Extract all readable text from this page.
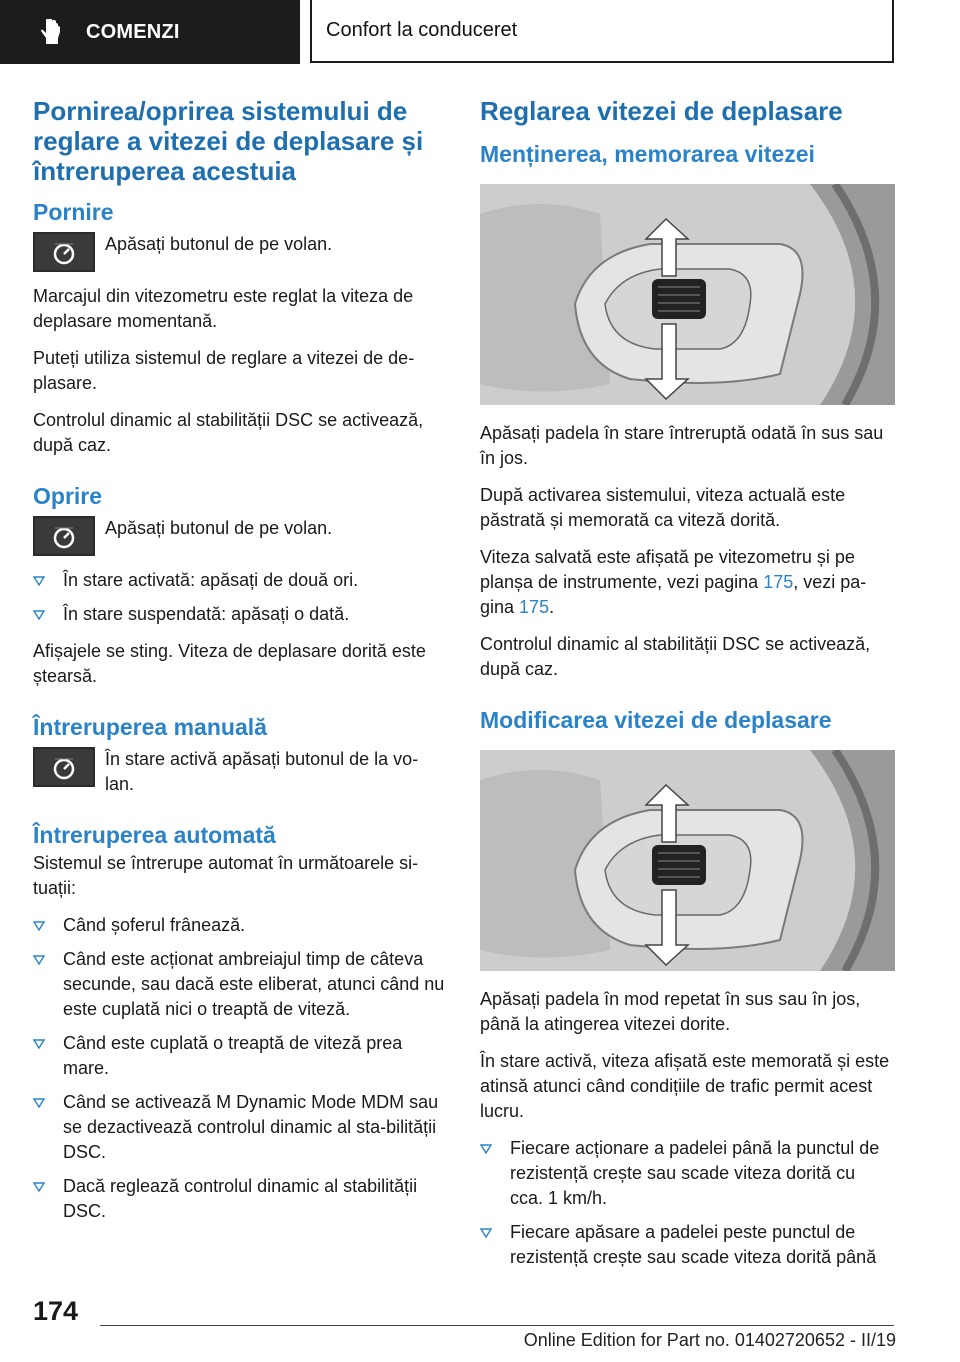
COMENZI	Confort la conduceret
Pornirea/oprirea sistemului de reglare a vitezei de deplasare și întreruperea acestuia
Pornire
Apăsați butonul de pe volan.

Marcajul din vitezometru este reglat la viteza de deplasare momentană.

Puteți utiliza sistemul de reglare a vitezei de de-plasare.

Controlul dinamic al stabilității DSC se activează, după caz.

Oprire
Apăsați butonul de pe volan.
În stare activată: apăsați de două ori.
În stare suspendată: apăsați o dată.

Afișajele se sting. Viteza de deplasare dorită este ștearsă.

Întreruperea manuală
În stare activă apăsați butonul de la vo-lan.
Întreruperea automată

Sistemul se întrerupe automat în următoarele si-tuații:

Când șoferul frânează.
Când este acționat ambreiajul timp de câteva secunde, sau dacă este eliberat, atunci când nu este cuplată nici o treaptă de viteză.
Când este cuplată o treaptă de viteză prea mare.
Când se activează M Dynamic Mode MDM sau se dezactivează controlul dinamic al sta-bilității DSC.
Dacă reglează controlul dinamic al stabilității DSC.
Reglarea vitezei de deplasare
Menținerea, memorarea vitezei

Apăsați padela în stare întreruptă odată în sus sau în jos.

După activarea sistemului, viteza actuală este păstrată și memorată ca viteză dorită.

Viteza salvată este afișată pe vitezometru și pe planșa de instrumente, vezi pagina 175, vezi pa-gina 175.

Controlul dinamic al stabilității DSC se activează, după caz.

Modificarea vitezei de deplasare

Apăsați padela în mod repetat în sus sau în jos, până la atingerea vitezei dorite.

În stare activă, viteza afișată este memorată și este atinsă atunci când condițiile de trafic permit acest lucru.

Fiecare acționare a padelei până la punctul de rezistență crește sau scade viteza dorită cu cca. 1 km/h.
Fiecare apăsare a padelei peste punctul de rezistență crește sau scade viteza dorită până
174
Online Edition for Part no. 01402720652 - II/19
